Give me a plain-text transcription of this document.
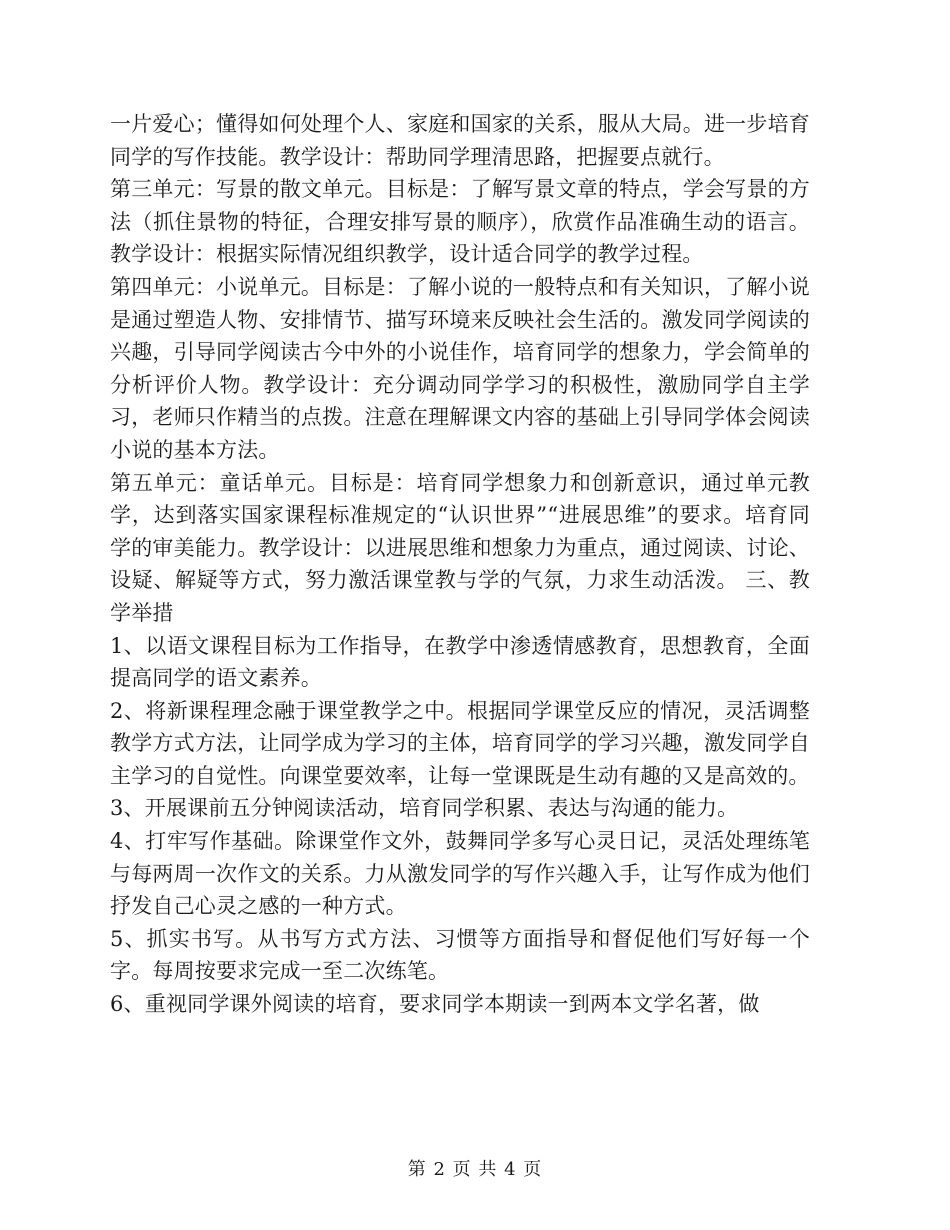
一片爱心；懂得如何处理个人、家庭和国家的关系，服从大局。进一步培育同学的写作技能。教学设计：帮助同学理清思路，把握要点就行。

第三单元：写景的散文单元。目标是：了解写景文章的特点，学会写景的方法（抓住景物的特征，合理安排写景的顺序），欣赏作品准确生动的语言。教学设计：根据实际情况组织教学，设计适合同学的教学过程。

第四单元：小说单元。目标是：了解小说的一般特点和有关知识，了解小说是通过塑造人物、安排情节、描写环境来反映社会生活的。激发同学阅读的兴趣，引导同学阅读古今中外的小说佳作，培育同学的想象力，学会简单的分析评价人物。教学设计：充分调动同学学习的积极性，激励同学自主学习，老师只作精当的点拨。注意在理解课文内容的基础上引导同学体会阅读小说的基本方法。

第五单元：童话单元。目标是：培育同学想象力和创新意识，通过单元教学，达到落实国家课程标准规定的“认识世界”“进展思维”的要求。培育同学的审美能力。教学设计：以进展思维和想象力为重点，通过阅读、讨论、设疑、解疑等方式，努力激活课堂教与学的气氛，力求生动活泼。 三、教学举措

1、以语文课程目标为工作指导，在教学中渗透情感教育，思想教育，全面提高同学的语文素养。

2、将新课程理念融于课堂教学之中。根据同学课堂反应的情况，灵活调整教学方式方法，让同学成为学习的主体，培育同学的学习兴趣，激发同学自主学习的自觉性。向课堂要效率，让每一堂课既是生动有趣的又是高效的。

3、开展课前五分钟阅读活动，培育同学积累、表达与沟通的能力。

4、打牢写作基础。除课堂作文外，鼓舞同学多写心灵日记，灵活处理练笔与每两周一次作文的关系。力从激发同学的写作兴趣入手，让写作成为他们抒发自己心灵之感的一种方式。

5、抓实书写。从书写方式方法、习惯等方面指导和督促他们写好每一个字。每周按要求完成一至二次练笔。

6、重视同学课外阅读的培育，要求同学本期读一到两本文学名著，做

第 2 页 共 4 页
